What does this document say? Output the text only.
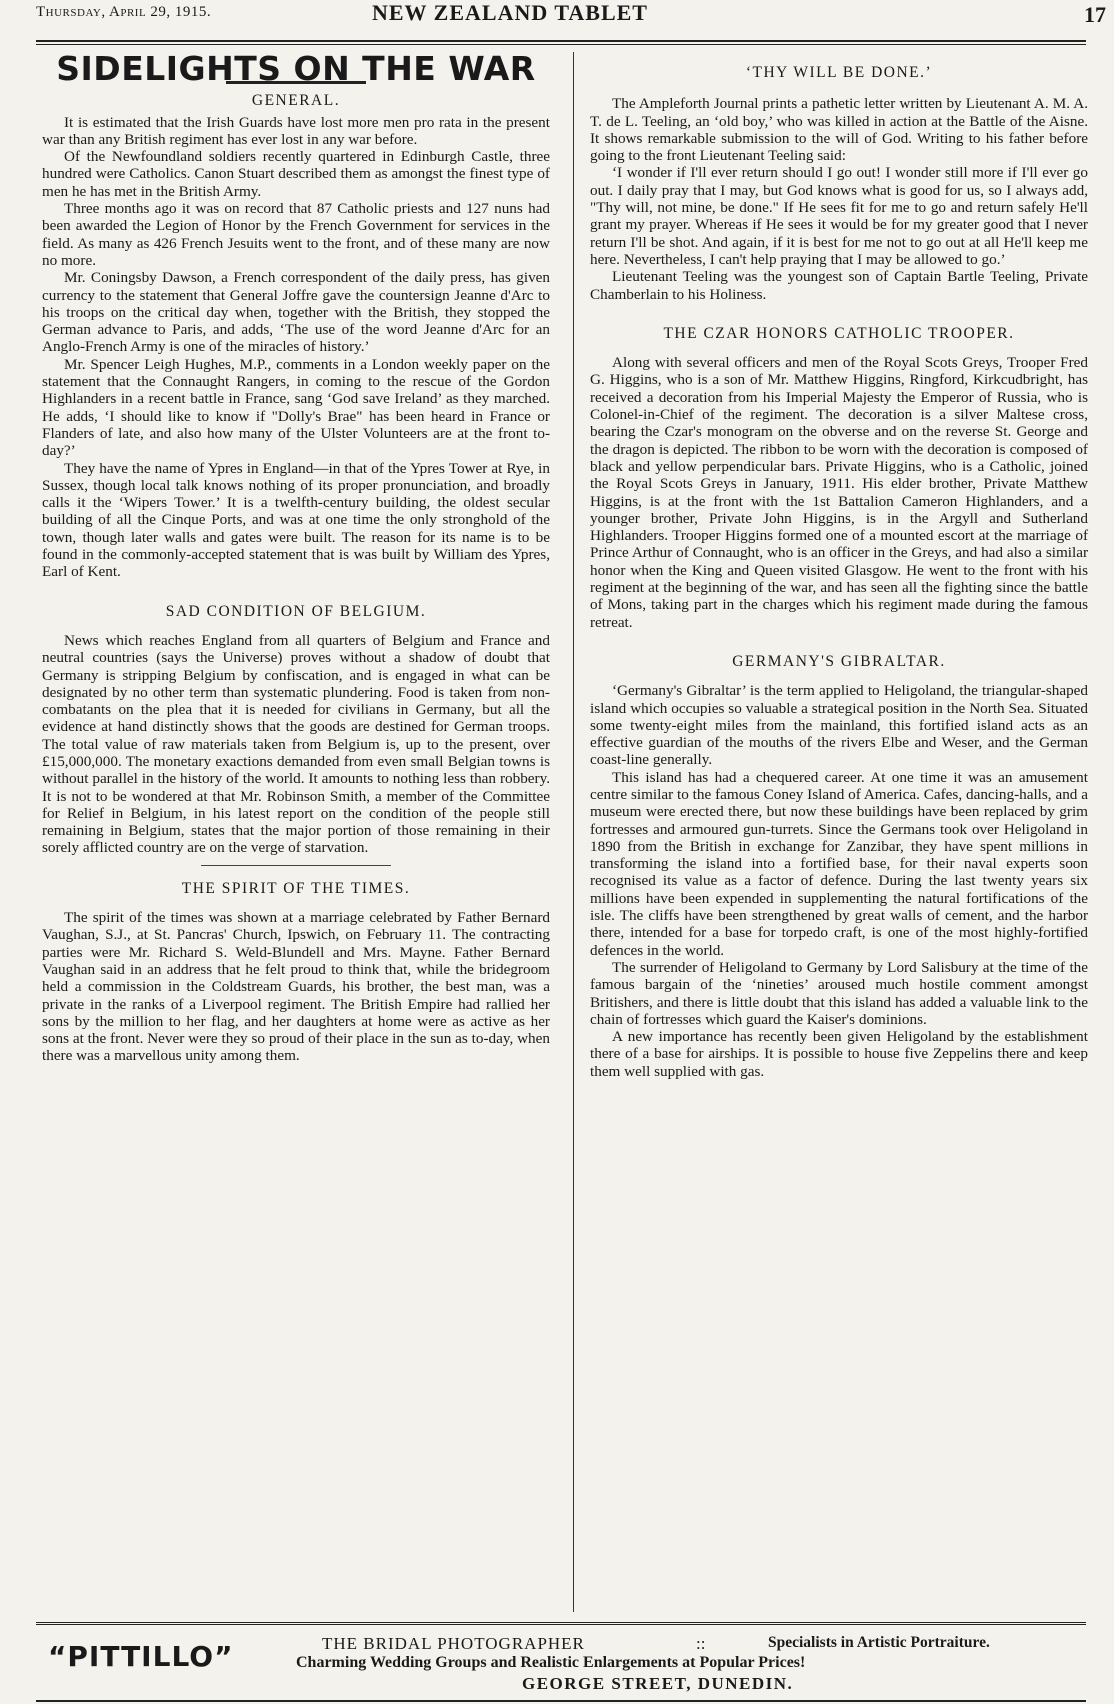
Thursday, April 29, 1915.	NEW ZEALAND TABLET	17
SIDELIGHTS ON THE WAR
GENERAL.

It is estimated that the Irish Guards have lost more men pro rata in the present war than any British regiment has ever lost in any war before.

Of the Newfoundland soldiers recently quartered in Edinburgh Castle, three hundred were Catholics. Canon Stuart described them as amongst the finest type of men he has met in the British Army.

Three months ago it was on record that 87 Catholic priests and 127 nuns had been awarded the Legion of Honor by the French Government for services in the field. As many as 426 French Jesuits went to the front, and of these many are now no more.

Mr. Coningsby Dawson, a French correspondent of the daily press, has given currency to the statement that General Joffre gave the countersign Jeanne d'Arc to his troops on the critical day when, together with the British, they stopped the German advance to Paris, and adds, ‘The use of the word Jeanne d'Arc for an Anglo-French Army is one of the miracles of history.’

Mr. Spencer Leigh Hughes, M.P., comments in a London weekly paper on the statement that the Connaught Rangers, in coming to the rescue of the Gordon Highlanders in a recent battle in France, sang ‘God save Ireland’ as they marched. He adds, ‘I should like to know if "Dolly's Brae" has been heard in France or Flanders of late, and also how many of the Ulster Volunteers are at the front to-day?’

They have the name of Ypres in England—in that of the Ypres Tower at Rye, in Sussex, though local talk knows nothing of its proper pronunciation, and broadly calls it the ‘Wipers Tower.’ It is a twelfth-century building, the oldest secular building of all the Cinque Ports, and was at one time the only stronghold of the town, though later walls and gates were built. The reason for its name is to be found in the commonly-accepted statement that is was built by William des Ypres, Earl of Kent.

SAD CONDITION OF BELGIUM.

News which reaches England from all quarters of Belgium and France and neutral countries (says the Universe) proves without a shadow of doubt that Germany is stripping Belgium by confiscation, and is engaged in what can be designated by no other term than systematic plundering. Food is taken from non-combatants on the plea that it is needed for civilians in Germany, but all the evidence at hand distinctly shows that the goods are destined for German troops. The total value of raw materials taken from Belgium is, up to the present, over £15,000,000. The monetary exactions demanded from even small Belgian towns is without parallel in the history of the world. It amounts to nothing less than robbery. It is not to be wondered at that Mr. Robinson Smith, a member of the Committee for Relief in Belgium, in his latest report on the condition of the people still remaining in Belgium, states that the major portion of those remaining in their sorely afflicted country are on the verge of starvation.

THE SPIRIT OF THE TIMES.

The spirit of the times was shown at a marriage celebrated by Father Bernard Vaughan, S.J., at St. Pancras' Church, Ipswich, on February 11. The contracting parties were Mr. Richard S. Weld-Blundell and Mrs. Mayne. Father Bernard Vaughan said in an address that he felt proud to think that, while the bridegroom held a commission in the Coldstream Guards, his brother, the best man, was a private in the ranks of a Liverpool regiment. The British Empire had rallied her sons by the million to her flag, and her daughters at home were as active as her sons at the front. Never were they so proud of their place in the sun as to-day, when there was a marvellous unity among them.

‘THY WILL BE DONE.’

The Ampleforth Journal prints a pathetic letter written by Lieutenant A. M. A. T. de L. Teeling, an ‘old boy,’ who was killed in action at the Battle of the Aisne. It shows remarkable submission to the will of God. Writing to his father before going to the front Lieutenant Teeling said:

‘I wonder if I'll ever return should I go out! I wonder still more if I'll ever go out. I daily pray that I may, but God knows what is good for us, so I always add, "Thy will, not mine, be done." If He sees fit for me to go and return safely He'll grant my prayer. Whereas if He sees it would be for my greater good that I never return I'll be shot. And again, if it is best for me not to go out at all He'll keep me here. Nevertheless, I can't help praying that I may be allowed to go.’

Lieutenant Teeling was the youngest son of Captain Bartle Teeling, Private Chamberlain to his Holiness.

THE CZAR HONORS CATHOLIC TROOPER.

Along with several officers and men of the Royal Scots Greys, Trooper Fred G. Higgins, who is a son of Mr. Matthew Higgins, Ringford, Kirkcudbright, has received a decoration from his Imperial Majesty the Emperor of Russia, who is Colonel-in-Chief of the regiment. The decoration is a silver Maltese cross, bearing the Czar's monogram on the obverse and on the reverse St. George and the dragon is depicted. The ribbon to be worn with the decoration is composed of black and yellow perpendicular bars. Private Higgins, who is a Catholic, joined the Royal Scots Greys in January, 1911. His elder brother, Private Matthew Higgins, is at the front with the 1st Battalion Cameron Highlanders, and a younger brother, Private John Higgins, is in the Argyll and Sutherland Highlanders. Trooper Higgins formed one of a mounted escort at the marriage of Prince Arthur of Connaught, who is an officer in the Greys, and had also a similar honor when the King and Queen visited Glasgow. He went to the front with his regiment at the beginning of the war, and has seen all the fighting since the battle of Mons, taking part in the charges which his regiment made during the famous retreat.

GERMANY'S GIBRALTAR.

‘Germany's Gibraltar’ is the term applied to Heligoland, the triangular-shaped island which occupies so valuable a strategical position in the North Sea. Situated some twenty-eight miles from the mainland, this fortified island acts as an effective guardian of the mouths of the rivers Elbe and Weser, and the German coast-line generally.

This island has had a chequered career. At one time it was an amusement centre similar to the famous Coney Island of America. Cafes, dancing-halls, and a museum were erected there, but now these buildings have been replaced by grim fortresses and armoured gun-turrets. Since the Germans took over Heligoland in 1890 from the British in exchange for Zanzibar, they have spent millions in transforming the island into a fortified base, for their naval experts soon recognised its value as a factor of defence. During the last twenty years six millions have been expended in supplementing the natural fortifications of the isle. The cliffs have been strengthened by great walls of cement, and the harbor there, intended for a base for torpedo craft, is one of the most highly-fortified defences in the world.

The surrender of Heligoland to Germany by Lord Salisbury at the time of the famous bargain of the ‘nineties’ aroused much hostile comment amongst Britishers, and there is little doubt that this island has added a valuable link to the chain of fortresses which guard the Kaiser's dominions.

A new importance has recently been given Heligoland by the establishment there of a base for airships. It is possible to house five Zeppelins there and keep them well supplied with gas.

“PITTILLO”	THE BRIDAL PHOTOGRAPHER	::	Specialists in Artistic Portraiture.
Charming Wedding Groups and Realistic Enlargements at Popular Prices!
GEORGE STREET, DUNEDIN.
